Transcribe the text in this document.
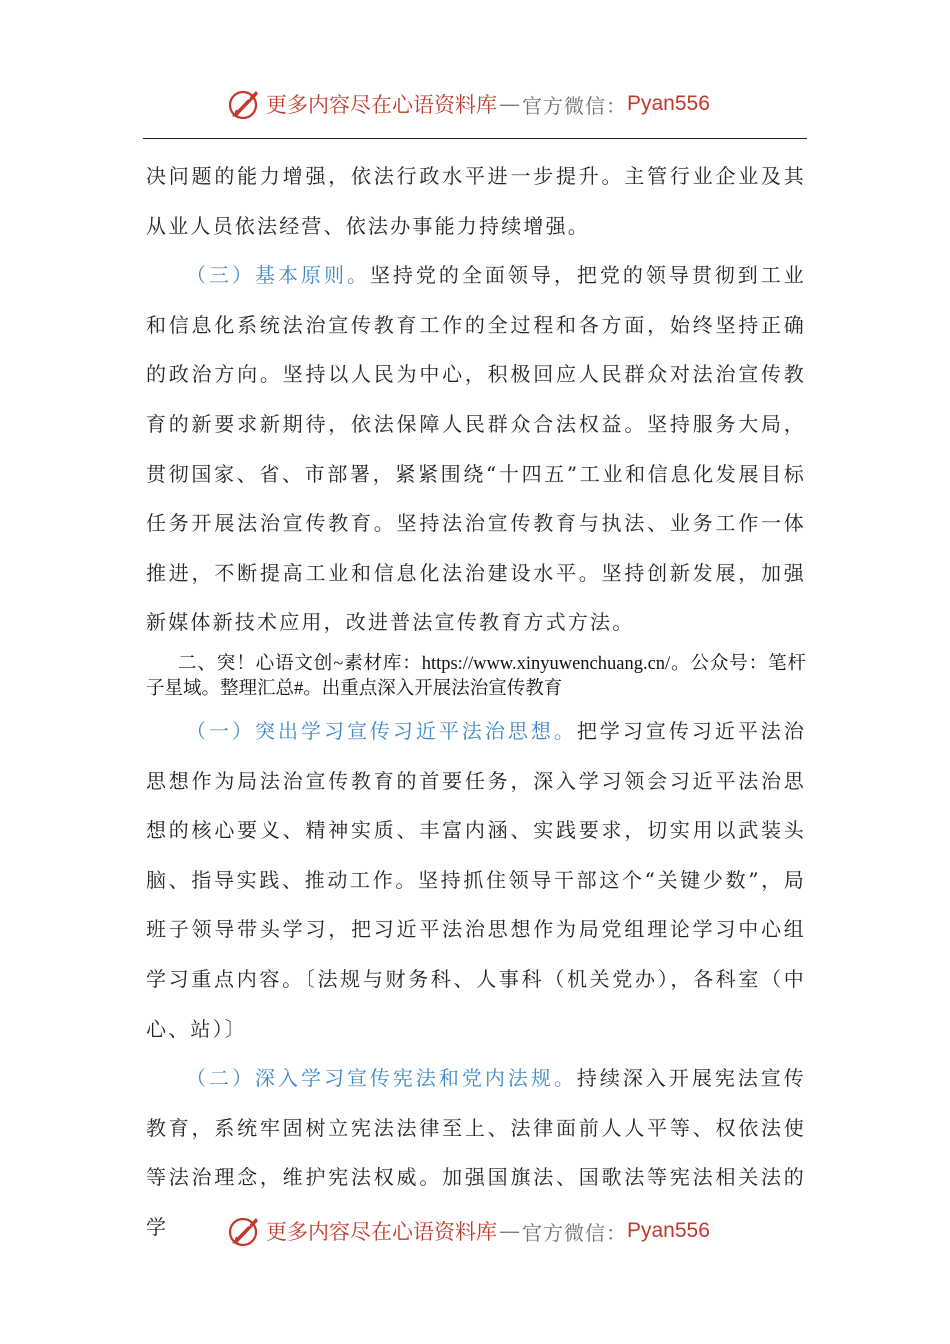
更多内容尽在心语资料库 — 官方微信： Pyan556

决问题的能力增强，依法行政水平进一步提升。主管行业企业及其从业人员依法经营、依法办事能力持续增强。

（三）基本原则。坚持党的全面领导，把党的领导贯彻到工业和信息化系统法治宣传教育工作的全过程和各方面，始终坚持正确的政治方向。坚持以人民为中心，积极回应人民群众对法治宣传教育的新要求新期待，依法保障人民群众合法权益。坚持服务大局，贯彻国家、省、市部署，紧紧围绕“十四五”工业和信息化发展目标任务开展法治宣传教育。坚持法治宣传教育与执法、业务工作一体推进，不断提高工业和信息化法治建设水平。坚持创新发展，加强新媒体新技术应用，改进普法宣传教育方式方法。

二、突！心语文创~素材库：https://www.xinyuwenchuang.cn/。公众号：笔杆子星域。整理汇总#。出重点深入开展法治宣传教育

（一）突出学习宣传习近平法治思想。把学习宣传习近平法治思想作为局法治宣传教育的首要任务，深入学习领会习近平法治思想的核心要义、精神实质、丰富内涵、实践要求，切实用以武装头脑、指导实践、推动工作。坚持抓住领导干部这个“关键少数”，局班子领导带头学习，把习近平法治思想作为局党组理论学习中心组学习重点内容。〔法规与财务科、人事科（机关党办），各科室（中心、站）〕

（二）深入学习宣传宪法和党内法规。持续深入开展宪法宣传教育，系统牢固树立宪法法律至上、法律面前人人平等、权依法使等法治理念，维护宪法权威。加强国旗法、国歌法等宪法相关法的学	更多内容尽在心语资料库 — 官方微信： Pyan556
